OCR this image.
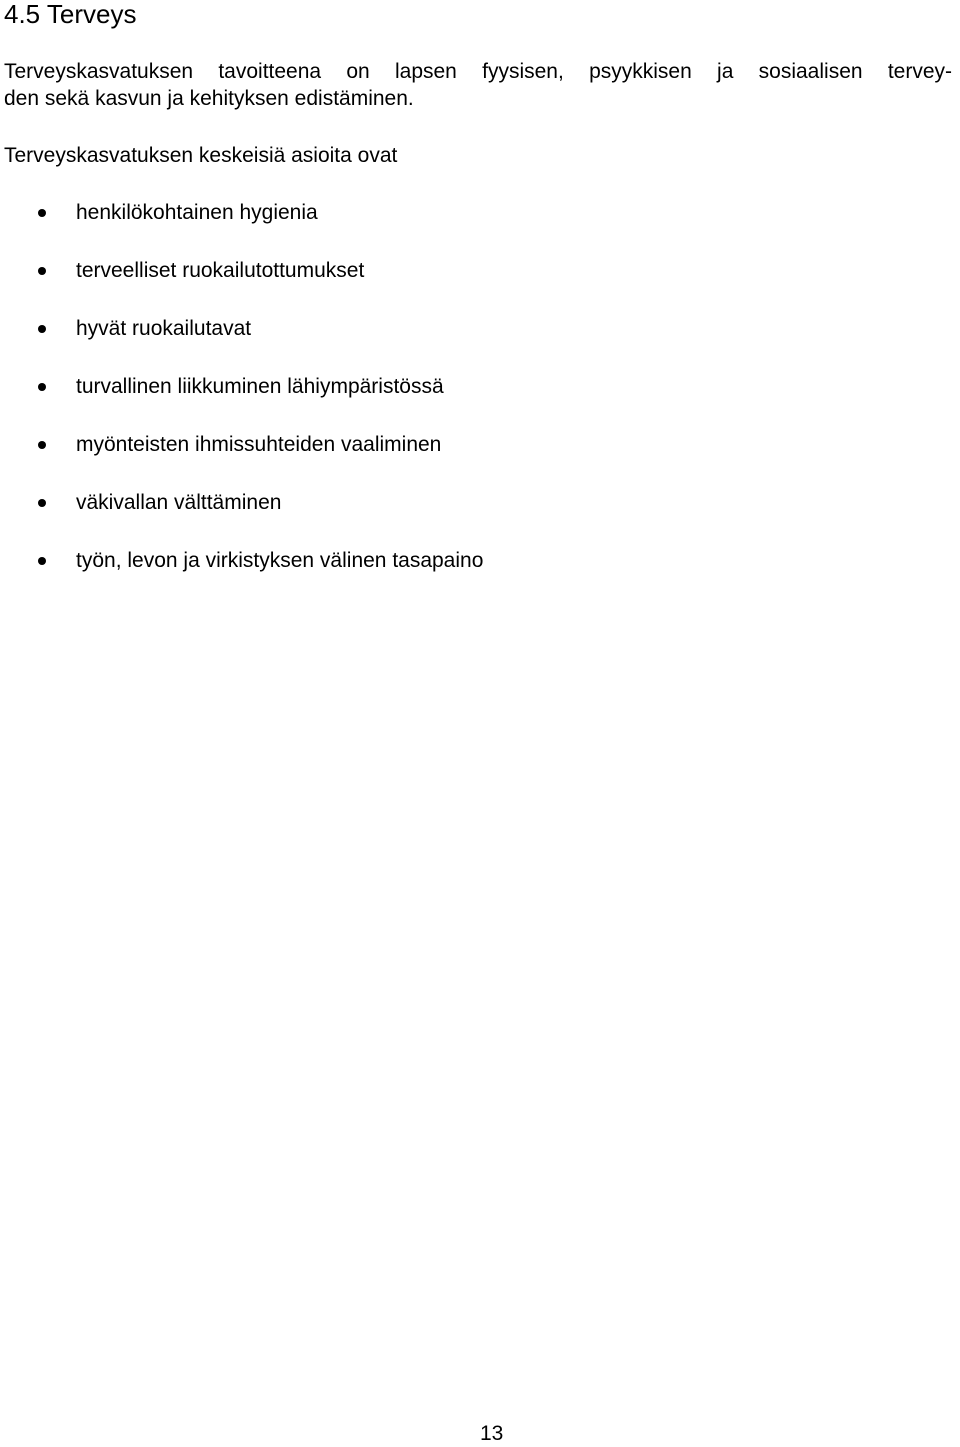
4.5 Terveys

Terveyskasvatuksen tavoitteena on lapsen fyysisen, psyykkisen ja sosiaalisen tervey-
den sekä kasvun ja kehityksen edistäminen.

Terveyskasvatuksen keskeisiä asioita ovat

henkilökohtainen hygienia
terveelliset ruokailutottumukset
hyvät ruokailutavat
turvallinen liikkuminen lähiympäristössä
myönteisten ihmissuhteiden vaaliminen
väkivallan välttäminen
työn, levon ja virkistyksen välinen tasapaino
13
